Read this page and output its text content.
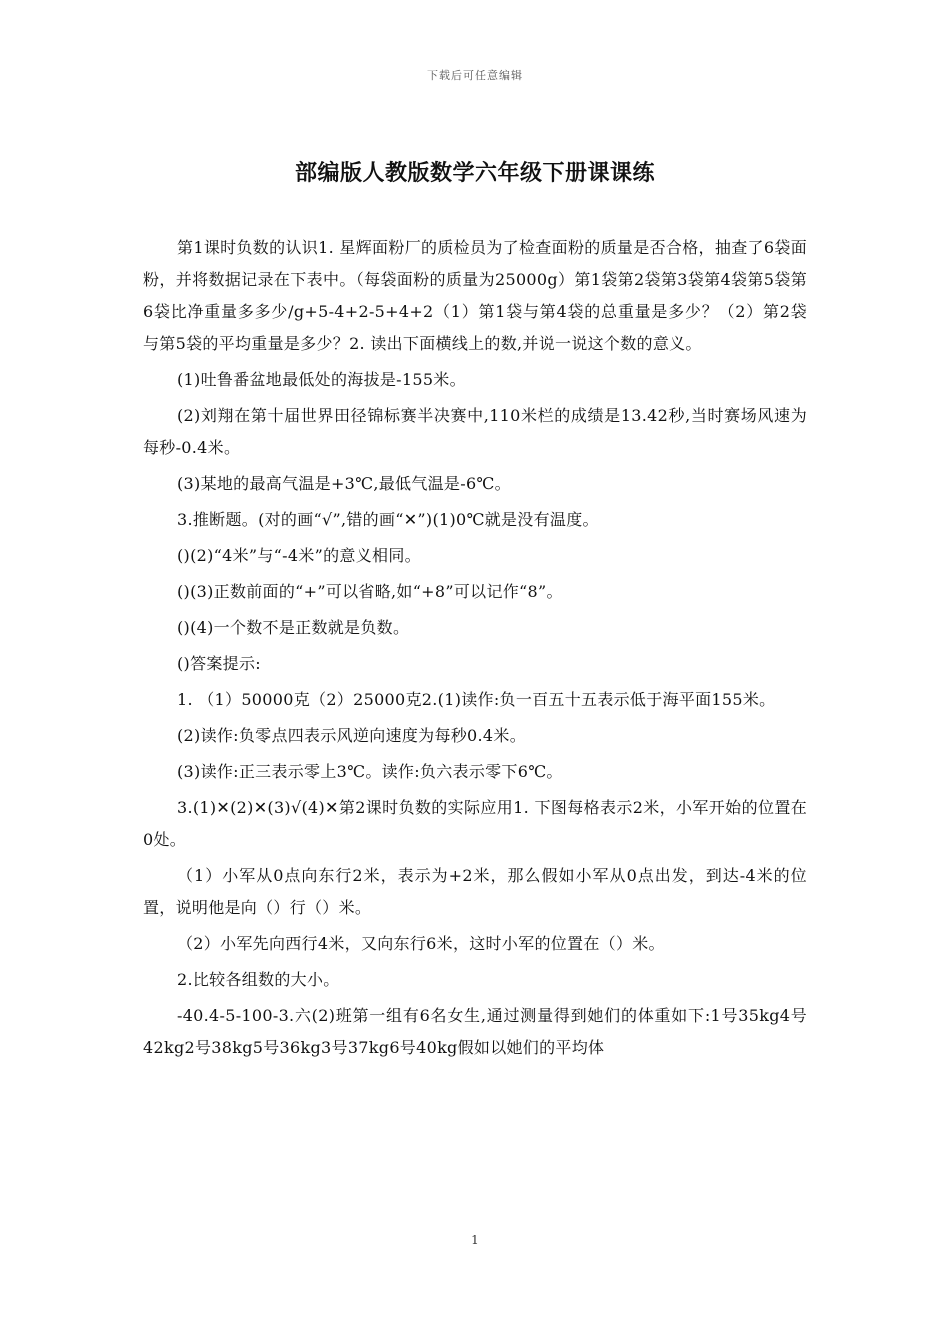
下载后可任意编辑
部编版人教版数学六年级下册课课练

第1课时负数的认识1. 星辉面粉厂的质检员为了检查面粉的质量是否合格，抽查了6袋面粉，并将数据记录在下表中。（每袋面粉的质量为25000g）第1袋第2袋第3袋第4袋第5袋第6袋比净重量多多少/g+5-4+2-5+4+2（1）第1袋与第4袋的总重量是多少？（2）第2袋与第5袋的平均重量是多少？2. 读出下面横线上的数,并说一说这个数的意义。

(1)吐鲁番盆地最低处的海拔是-155米。

(2)刘翔在第十届世界田径锦标赛半决赛中,110米栏的成绩是13.42秒,当时赛场风速为每秒-0.4米。

(3)某地的最高气温是+3℃,最低气温是-6℃。

3.推断题。(对的画“√”,错的画“✕”)(1)0℃就是没有温度。

()(2)“4米”与“-4米”的意义相同。

()(3)正数前面的“+”可以省略,如“+8”可以记作“8”。

()(4)一个数不是正数就是负数。

()答案提示:

1. （1）50000克（2）25000克2.(1)读作:负一百五十五表示低于海平面155米。

(2)读作:负零点四表示风逆向速度为每秒0.4米。

(3)读作:正三表示零上3℃。读作:负六表示零下6℃。

3.(1)✕(2)✕(3)√(4)✕第2课时负数的实际应用1. 下图每格表示2米，小军开始的位置在0处。

（1）小军从0点向东行2米，表示为+2米，那么假如小军从0点出发，到达-4米的位置，说明他是向（）行（）米。

（2）小军先向西行4米，又向东行6米，这时小军的位置在（）米。

2.比较各组数的大小。

-40.4-5-100-3.六(2)班第一组有6名女生,通过测量得到她们的体重如下:1号35kg4号42kg2号38kg5号36kg3号37kg6号40kg假如以她们的平均体

1
